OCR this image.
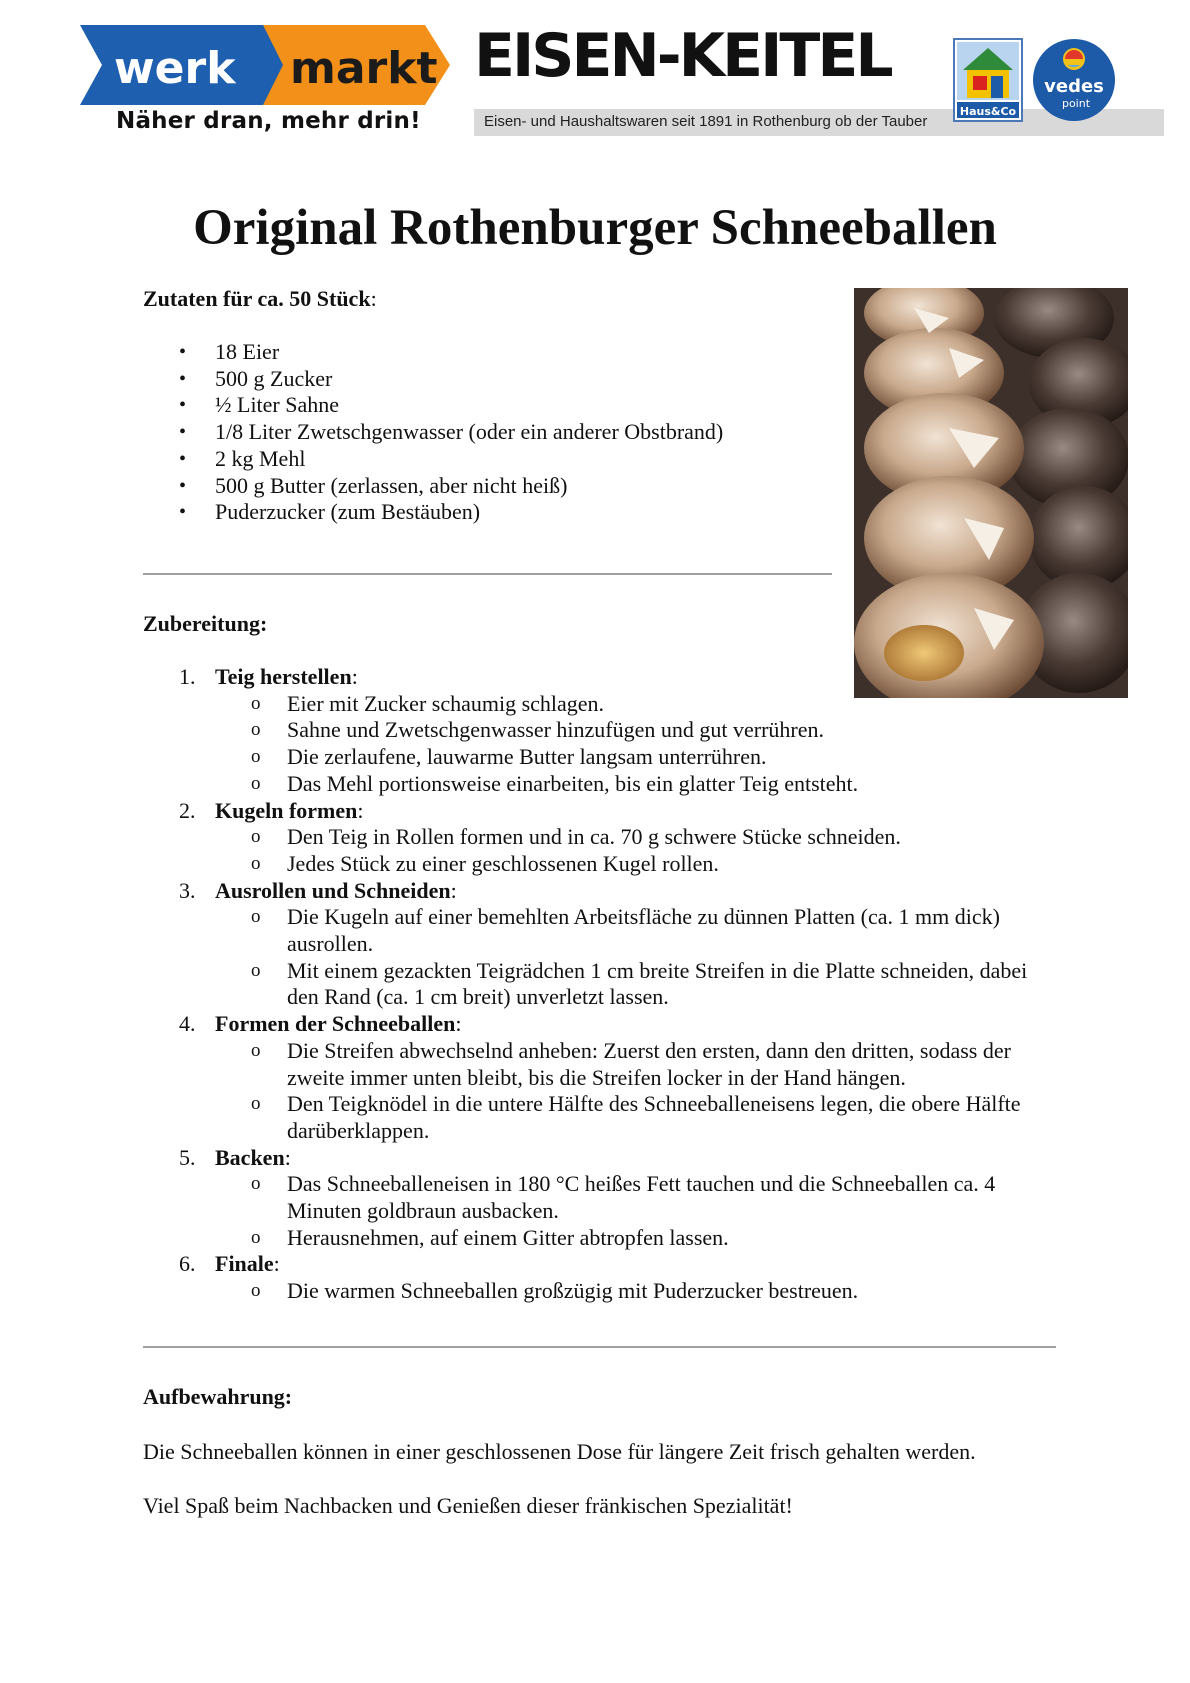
werk markt
Näher dran, mehr drin!
EISEN-KEITEL
Eisen- und Haushaltswaren seit 1891 in Rothenburg ob der Tauber
Haus&Co
vedes
point
Original Rothenburger Schneeballen

Zutaten für ca. 50 Stück:

• 18 Eier
• 500 g Zucker
• ½ Liter Sahne
• 1/8 Liter Zwetschgenwasser (oder ein anderer Obstbrand)
• 2 kg Mehl
• 500 g Butter (zerlassen, aber nicht heiß)
• Puderzucker (zum Bestäuben)

Zubereitung:

1. Teig herstellen:
o Eier mit Zucker schaumig schlagen.
o Sahne und Zwetschgenwasser hinzufügen und gut verrühren.
o Die zerlaufene, lauwarme Butter langsam unterrühren.
o Das Mehl portionsweise einarbeiten, bis ein glatter Teig entsteht.
2. Kugeln formen:
o Den Teig in Rollen formen und in ca. 70 g schwere Stücke schneiden.
o Jedes Stück zu einer geschlossenen Kugel rollen.
3. Ausrollen und Schneiden:
o Die Kugeln auf einer bemehlten Arbeitsfläche zu dünnen Platten (ca. 1 mm dick) ausrollen.
o Mit einem gezackten Teigrädchen 1 cm breite Streifen in die Platte schneiden, dabei den Rand (ca. 1 cm breit) unverletzt lassen.
4. Formen der Schneeballen:
o Die Streifen abwechselnd anheben: Zuerst den ersten, dann den dritten, sodass der zweite immer unten bleibt, bis die Streifen locker in der Hand hängen.
o Den Teigknödel in die untere Hälfte des Schneeballeneisens legen, die obere Hälfte darüberklappen.
5. Backen:
o Das Schneeballeneisen in 180 °C heißes Fett tauchen und die Schneeballen ca. 4 Minuten goldbraun ausbacken.
o Herausnehmen, auf einem Gitter abtropfen lassen.
6. Finale:
o Die warmen Schneeballen großzügig mit Puderzucker bestreuen.

Aufbewahrung:

Die Schneeballen können in einer geschlossenen Dose für längere Zeit frisch gehalten werden.

Viel Spaß beim Nachbacken und Genießen dieser fränkischen Spezialität!
